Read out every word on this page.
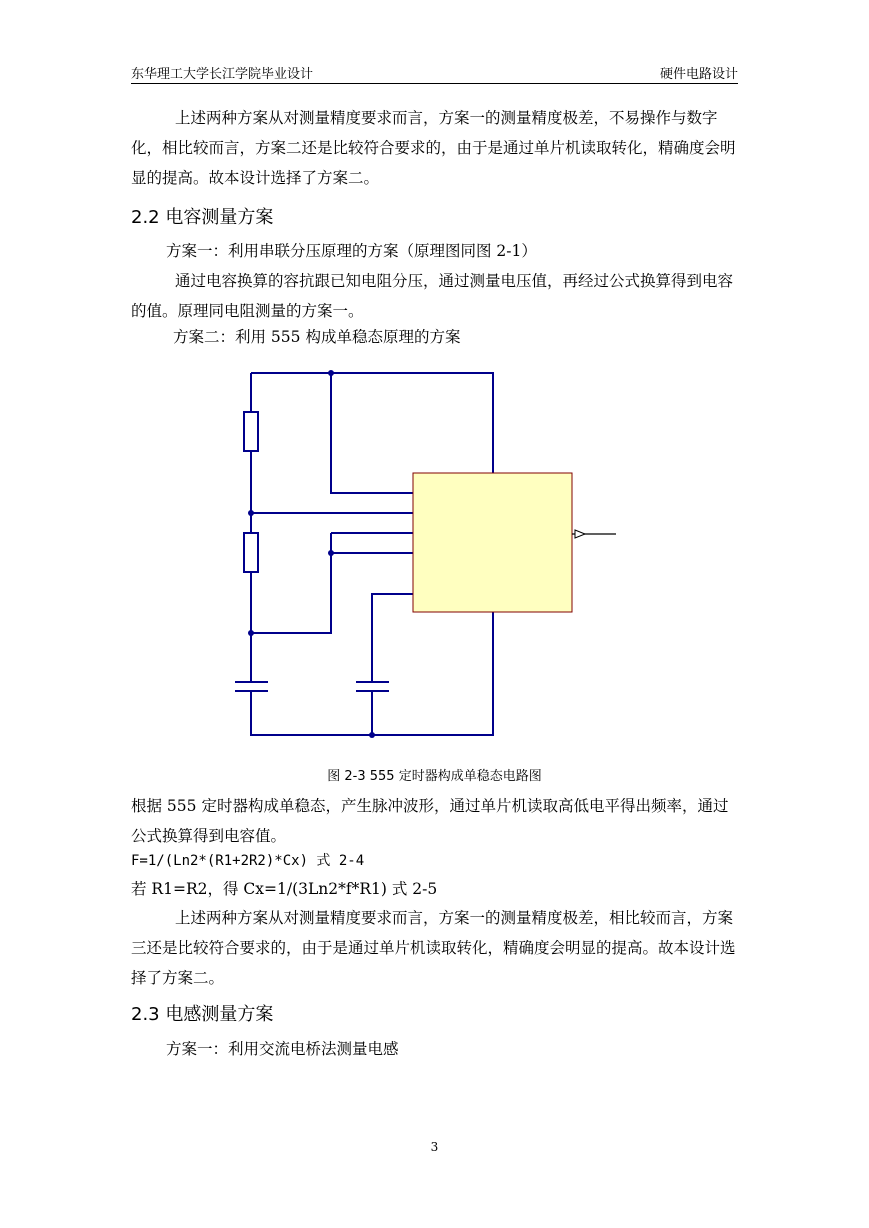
东华理工大学长江学院毕业设计	硬件电路设计

上述两种方案从对测量精度要求而言，方案一的测量精度极差，不易操作与数字化，相比较而言，方案二还是比较符合要求的，由于是通过单片机读取转化，精确度会明显的提高。故本设计选择了方案二。

2.2 电容测量方案

方案一：利用串联分压原理的方案（原理图同图 2-1）

通过电容换算的容抗跟已知电阻分压，通过测量电压值，再经过公式换算得到电容的值。原理同电阻测量的方案一。

方案二：利用 555 构成单稳态原理的方案

图 2-3 555 定时器构成单稳态电路图

根据 555 定时器构成单稳态，产生脉冲波形，通过单片机读取高低电平得出频率，通过公式换算得到电容值。

F=1/(Ln2*(R1+2R2)*Cx) 式 2-4

若 R1=R2，得 Cx=1/(3Ln2*f*R1) 式 2-5

上述两种方案从对测量精度要求而言，方案一的测量精度极差，相比较而言，方案三还是比较符合要求的，由于是通过单片机读取转化，精确度会明显的提高。故本设计选择了方案二。

2.3 电感测量方案

方案一：利用交流电桥法测量电感

3
